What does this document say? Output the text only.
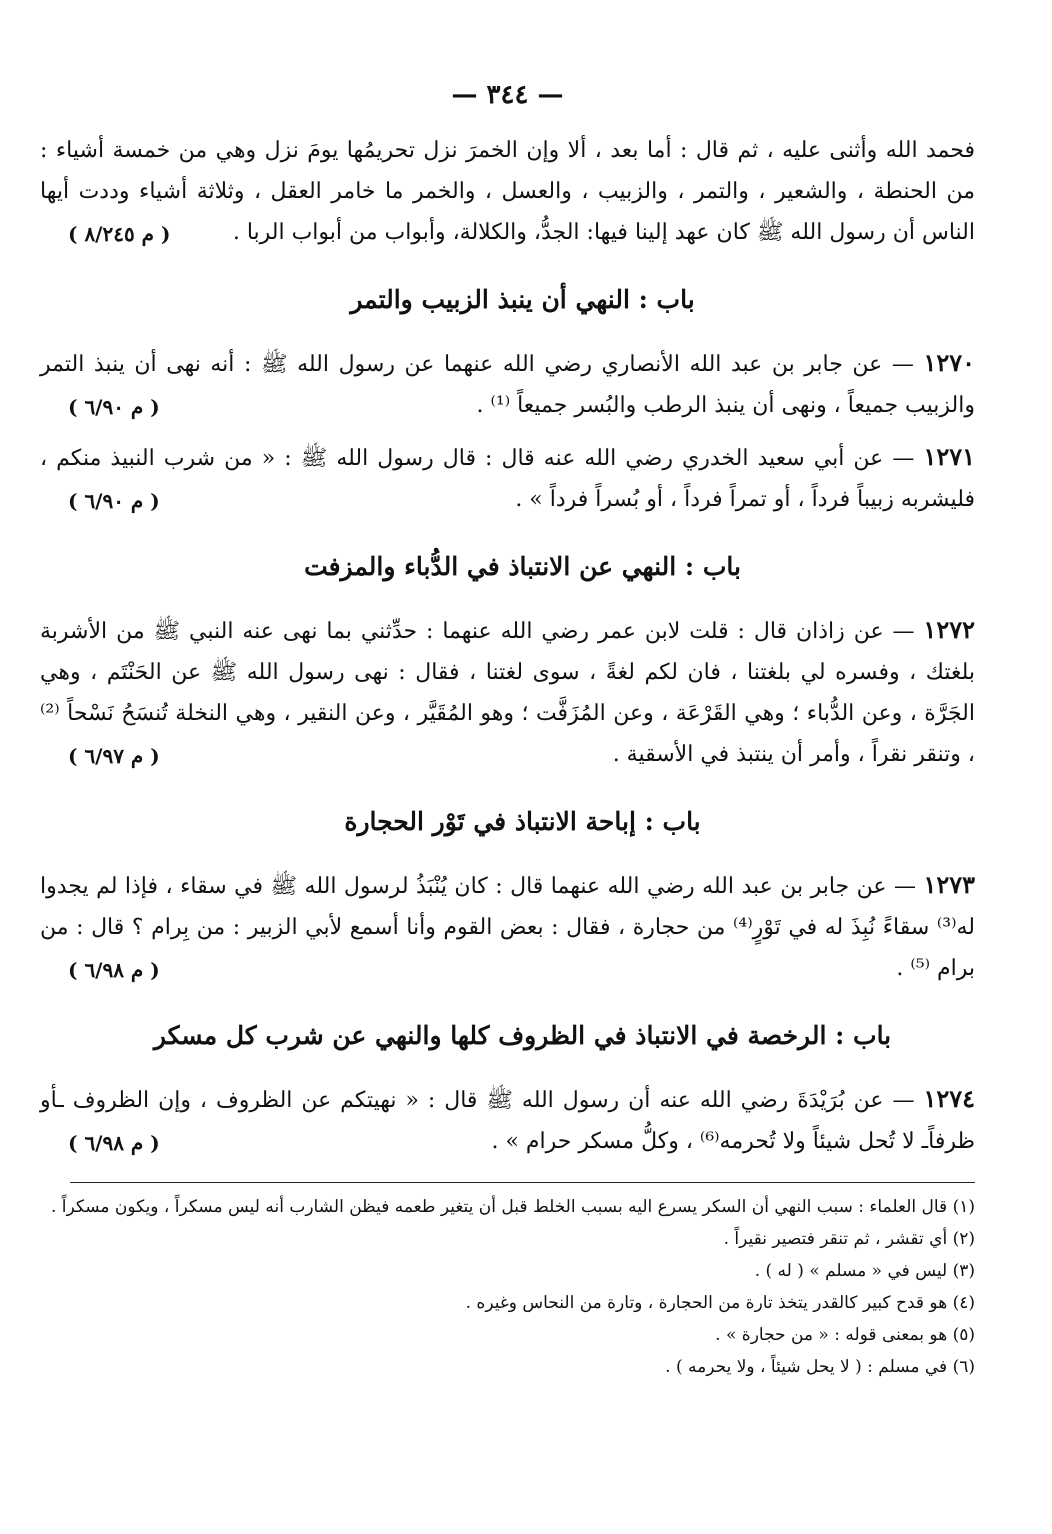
— ٣٤٤ —

فحمد الله وأثنى عليه ، ثم قال : أما بعد ، ألا وإن الخمرَ نزل تحريمُها يومَ نزل وهي من خمسة أشياء : من الحنطة ، والشعير ، والتمر ، والزبيب ، والعسل ، والخمر ما خامر العقل ، وثلاثة أشياء وددت أيها الناس أن رسول الله ﷺ كان عهد إلينا فيها: الجدُّ، والكلالة، وأبواب من أبواب الربا .

( م ٨/٢٤٥ )
باب : النهي أن ينبذ الزبيب والتمر

١٢٧٠ — عن جابر بن عبد الله الأنصاري رضي الله عنهما عن رسول الله ﷺ : أنه نهى أن ينبذ التمر والزبيب جميعاً ، ونهى أن ينبذ الرطب والبُسر جميعاً ⁽¹⁾ .

( م ٦/٩٠ )

١٢٧١ — عن أبي سعيد الخدري رضي الله عنه قال : قال رسول الله ﷺ : « من شرب النبيذ منكم ، فليشربه زبيباً فرداً ، أو تمراً فرداً ، أو بُسراً فرداً » .

( م ٦/٩٠ )
باب : النهي عن الانتباذ في الدُّباء والمزفت

١٢٧٢ — عن زاذان قال : قلت لابن عمر رضي الله عنهما : حدِّثني بما نهى عنه النبي ﷺ من الأشربة بلغتك ، وفسره لي بلغتنا ، فان لكم لغةً ، سوى لغتنا ، فقال : نهى رسول الله ﷺ عن الحَنْتَم ، وهي الجَرَّة ، وعن الدُّباء ؛ وهي القَرْعَة ، وعن المُزَفَّت ؛ وهو المُقَيَّر ، وعن النقير ، وهي النخلة تُنسَحُ نَسْحاً ⁽²⁾ ، وتنقر نقراً ، وأمر أن ينتبذ في الأسقية .

( م ٦/٩٧ )
باب : إباحة الانتباذ في تَوْر الحجارة

١٢٧٣ — عن جابر بن عبد الله رضي الله عنهما قال : كان يُنْبَذُ لرسول الله ﷺ في سقاء ، فإذا لم يجدوا له⁽³⁾ سقاءً نُبِذَ له في تَوْرٍ⁽⁴⁾ من حجارة ، فقال : بعض القوم وأنا أسمع لأبي الزبير : من بِرام ؟ قال : من برام ⁽⁵⁾ .

( م ٦/٩٨ )
باب : الرخصة في الانتباذ في الظروف كلها والنهي عن شرب كل مسكر

١٢٧٤ — عن بُرَيْدَةَ رضي الله عنه أن رسول الله ﷺ قال : « نهيتكم عن الظروف ، وإن الظروف ـأو ظرفاًـ لا تُحل شيئاً ولا تُحرمه⁽⁶⁾ ، وكلُّ مسكر حرام » .

( م ٦/٩٨ )

(١) قال العلماء : سبب النهي أن السكر يسرع اليه بسبب الخلط قبل أن يتغير طعمه فيظن الشارب أنه ليس مسكراً ، ويكون مسكراً .

(٢) أي تقشر ، ثم تنقر فتصير نقيراً .

(٣) ليس في « مسلم » ( له ) .

(٤) هو قدح كبير كالقدر يتخذ تارة من الحجارة ، وتارة من النحاس وغيره .

(٥) هو بمعنى قوله : « من حجارة » .

(٦) في مسلم : ( لا يحل شيئاً ، ولا يحرمه ) .
